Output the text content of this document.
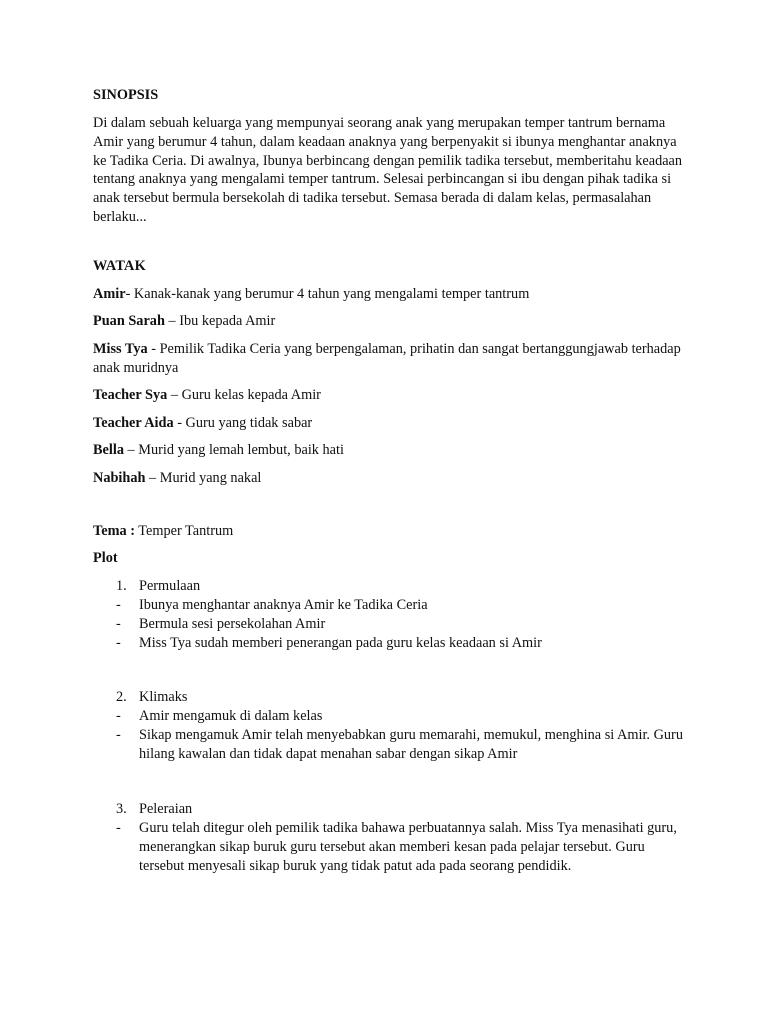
SINOPSIS

Di dalam sebuah keluarga yang mempunyai seorang anak yang merupakan temper tantrum bernama Amir yang berumur 4 tahun, dalam keadaan anaknya yang berpenyakit si ibunya menghantar anaknya ke Tadika Ceria. Di awalnya, Ibunya berbincang dengan pemilik tadika tersebut, memberitahu keadaan tentang anaknya yang mengalami temper tantrum. Selesai perbincangan si ibu dengan pihak tadika si anak tersebut bermula bersekolah di tadika tersebut. Semasa berada di dalam kelas, permasalahan berlaku...

WATAK

Amir- Kanak-kanak yang berumur 4 tahun yang mengalami temper tantrum

Puan Sarah – Ibu kepada Amir

Miss Tya - Pemilik Tadika Ceria yang berpengalaman, prihatin dan sangat bertanggungjawab terhadap anak muridnya

Teacher Sya – Guru kelas kepada Amir

Teacher Aida - Guru yang tidak sabar

Bella – Murid yang lemah lembut, baik hati

Nabihah – Murid yang nakal

Tema : Temper Tantrum

Plot

1. Permulaan
- Ibunya menghantar anaknya Amir ke Tadika Ceria
- Bermula sesi persekolahan Amir
- Miss Tya sudah memberi penerangan pada guru kelas keadaan si Amir
2. Klimaks
- Amir mengamuk di dalam kelas
- Sikap mengamuk Amir telah menyebabkan guru memarahi, memukul, menghina si Amir. Guru hilang kawalan dan tidak dapat menahan sabar dengan sikap Amir
3. Peleraian
- Guru telah ditegur oleh pemilik tadika bahawa perbuatannya salah. Miss Tya menasihati guru, menerangkan sikap buruk guru tersebut akan memberi kesan pada pelajar tersebut. Guru tersebut menyesali sikap buruk yang tidak patut ada pada seorang pendidik.
